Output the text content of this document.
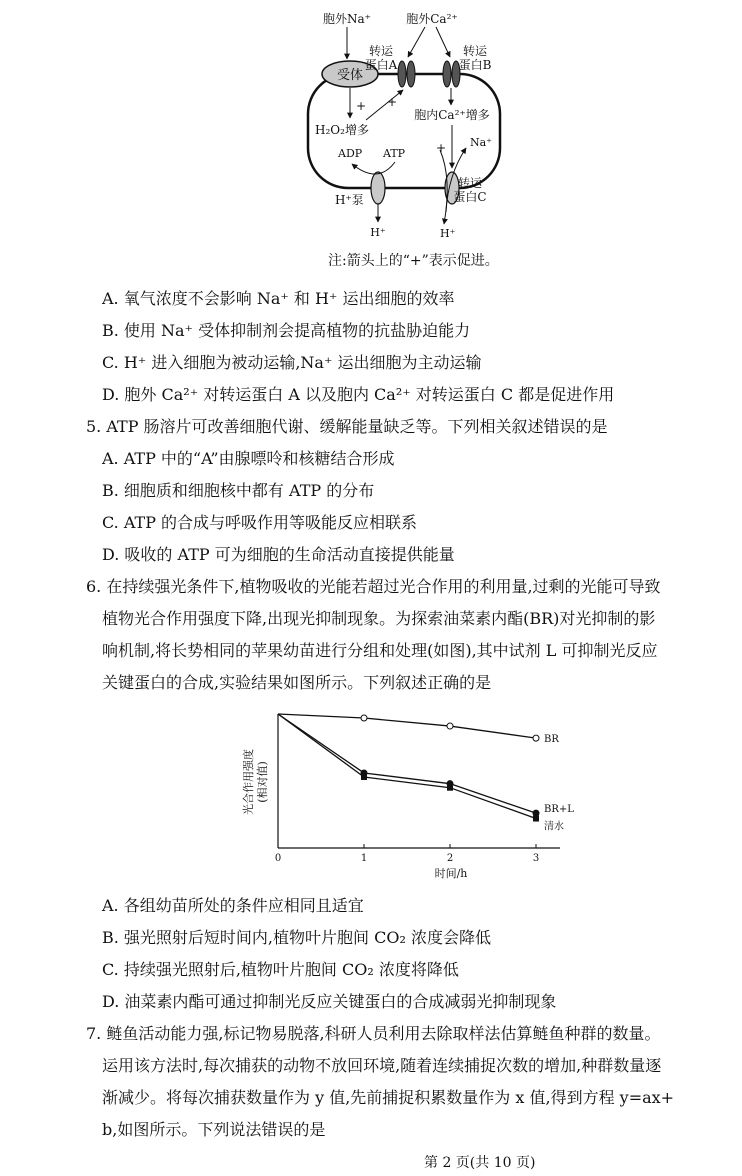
受体
胞外Na⁺	胞外Ca²⁺
转运
蛋白A
转运
蛋白B
+
H₂O₂增多
+
胞内Ca²⁺增多
+
ADP ATP
H⁺泵
H⁺
Na⁺
H⁺
转运
蛋白C
注:箭头上的“+”表示促进。
A. 氧气浓度不会影响 Na⁺ 和 H⁺ 运出细胞的效率
B. 使用 Na⁺ 受体抑制剂会提高植物的抗盐胁迫能力
C. H⁺ 进入细胞为被动运输,Na⁺ 运出细胞为主动运输
D. 胞外 Ca²⁺ 对转运蛋白 A 以及胞内 Ca²⁺ 对转运蛋白 C 都是促进作用
5. ATP 肠溶片可改善细胞代谢、缓解能量缺乏等。下列相关叙述错误的是
A. ATP 中的“A”由腺嘌呤和核糖结合形成
B. 细胞质和细胞核中都有 ATP 的分布
C. ATP 的合成与呼吸作用等吸能反应相联系
D. 吸收的 ATP 可为细胞的生命活动直接提供能量
6. 在持续强光条件下,植物吸收的光能若超过光合作用的利用量,过剩的光能可导致
植物光合作用强度下降,出现光抑制现象。为探索油菜素内酯(BR)对光抑制的影
响机制,将长势相同的苹果幼苗进行分组和处理(如图),其中试剂 L 可抑制光反应
关键蛋白的合成,实验结果如图所示。下列叙述正确的是
光合作用强度 (相对值)
时间/h
0	1	2	3
BR
BR+L
清水
A. 各组幼苗所处的条件应相同且适宜
B. 强光照射后短时间内,植物叶片胞间 CO₂ 浓度会降低
C. 持续强光照射后,植物叶片胞间 CO₂ 浓度将降低
D. 油菜素内酯可通过抑制光反应关键蛋白的合成减弱光抑制现象
7. 鲢鱼活动能力强,标记物易脱落,科研人员利用去除取样法估算鲢鱼种群的数量。
运用该方法时,每次捕获的动物不放回环境,随着连续捕捉次数的增加,种群数量逐
渐减少。将每次捕获数量作为 y 值,先前捕捉积累数量作为 x 值,得到方程 y=ax+
b,如图所示。下列说法错误的是
第 2 页(共 10 页)
